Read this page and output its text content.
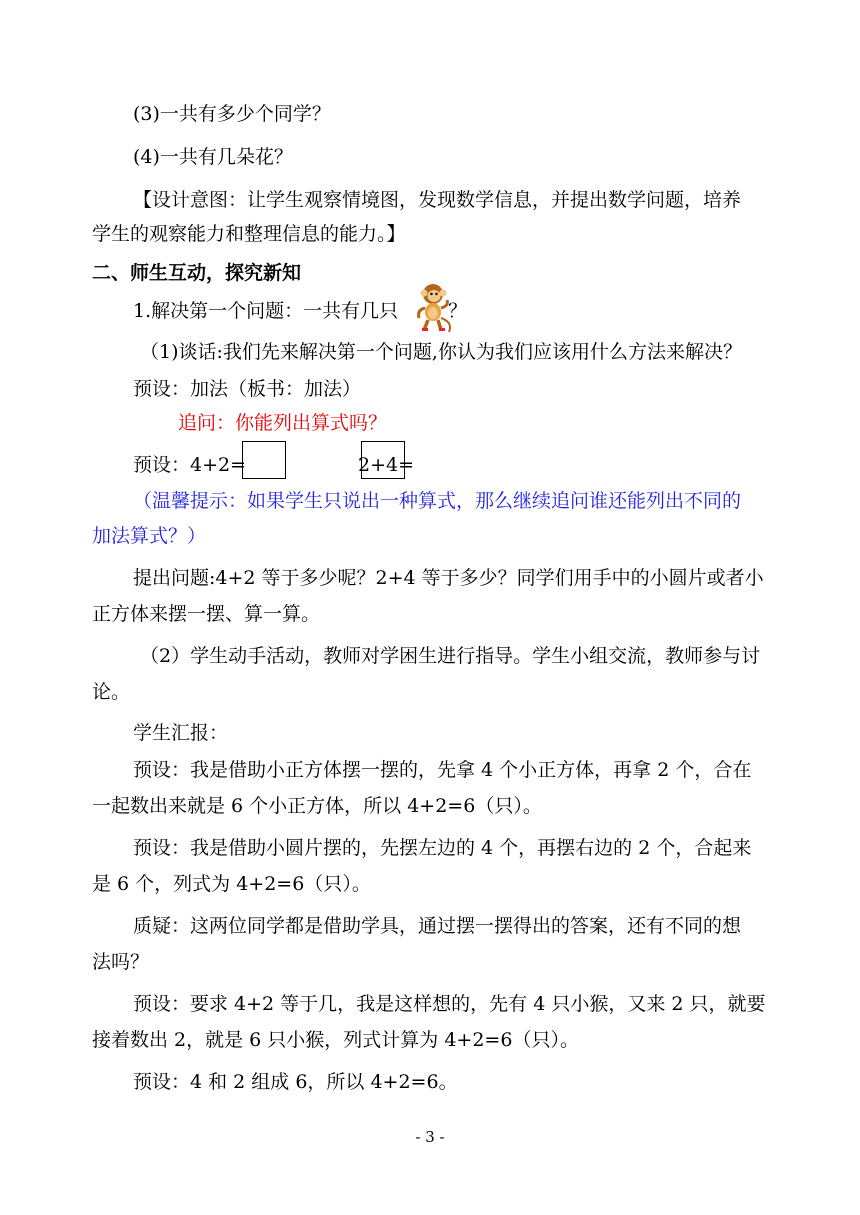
(3)一共有多少个同学？
(4)一共有几朵花？
【设计意图：让学生观察情境图，发现数学信息，并提出数学问题，培养
学生的观察能力和整理信息的能力。】
二、师生互动，探究新知
1.解决第一个问题：一共有几只	？
（1)谈话:我们先来解决第一个问题,你认为我们应该用什么方法来解决？
预设：加法（板书：加法）
追问：你能列出算式吗？
预设：4+2=	2+4=
（温馨提示：如果学生只说出一种算式，那么继续追问谁还能列出不同的
加法算式？）
提出问题:4+2 等于多少呢？2+4 等于多少？同学们用手中的小圆片或者小
正方体来摆一摆、算一算。
（2）学生动手活动，教师对学困生进行指导。学生小组交流，教师参与讨
论。
学生汇报：
预设：我是借助小正方体摆一摆的，先拿 4 个小正方体，再拿 2 个，合在
一起数出来就是 6 个小正方体，所以 4+2=6（只）。
预设：我是借助小圆片摆的，先摆左边的 4 个，再摆右边的 2 个，合起来
是 6 个，列式为 4+2=6（只）。
质疑：这两位同学都是借助学具，通过摆一摆得出的答案，还有不同的想
法吗？
预设：要求 4+2 等于几，我是这样想的，先有 4 只小猴，又来 2 只，就要
接着数出 2，就是 6 只小猴，列式计算为 4+2=6（只）。
预设：4 和 2 组成 6，所以 4+2=6。
- 3 -
